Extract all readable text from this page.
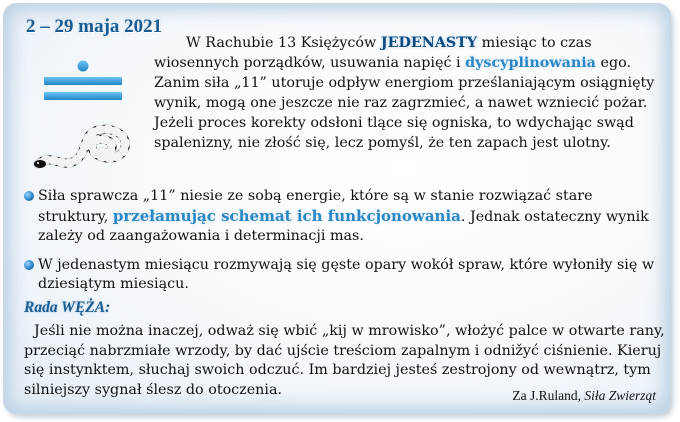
2 – 29 maja 2021
W Rachubie 13 Księżyców JEDENASTY miesiąc to czas wiosennych porządków, usuwania napięć i dyscyplinowania ego. Zanim siła „11” utoruje odpływ energiom prześlaniającym osiągnięty wynik, mogą one jeszcze nie raz zagrzmieć, a nawet wzniecić pożar. Jeżeli proces korekty odsłoni tlące się ogniska, to wdychając swąd spalenizny, nie złość się, lecz pomyśl, że ten zapach jest ulotny.
Siła sprawcza „11” niesie ze sobą energie, które są w stanie rozwiązać stare struktury, przełamując schemat ich funkcjonowania. Jednak ostateczny wynik zależy od zaangażowania i determinacji mas.
W jedenastym miesiącu rozmywają się gęste opary wokół spraw, które wyłoniły się w dziesiątym miesiącu.
Rada WĘŻA:
Jeśli nie można inaczej, odważ się wbić „kij w mrowisko”, włożyć palce w otwarte rany, przeciąć nabrzmiałe wrzody, by dać ujście treściom zapalnym i odnižyć ciśnienie. Kieruj się instynktem, słuchaj swoich odczuć. Im bardziej jesteś zestrojony od wewnątrz, tym silniejszy sygnał ślesz do otoczenia.	Za J.Ruland, Siła Zwierząt
